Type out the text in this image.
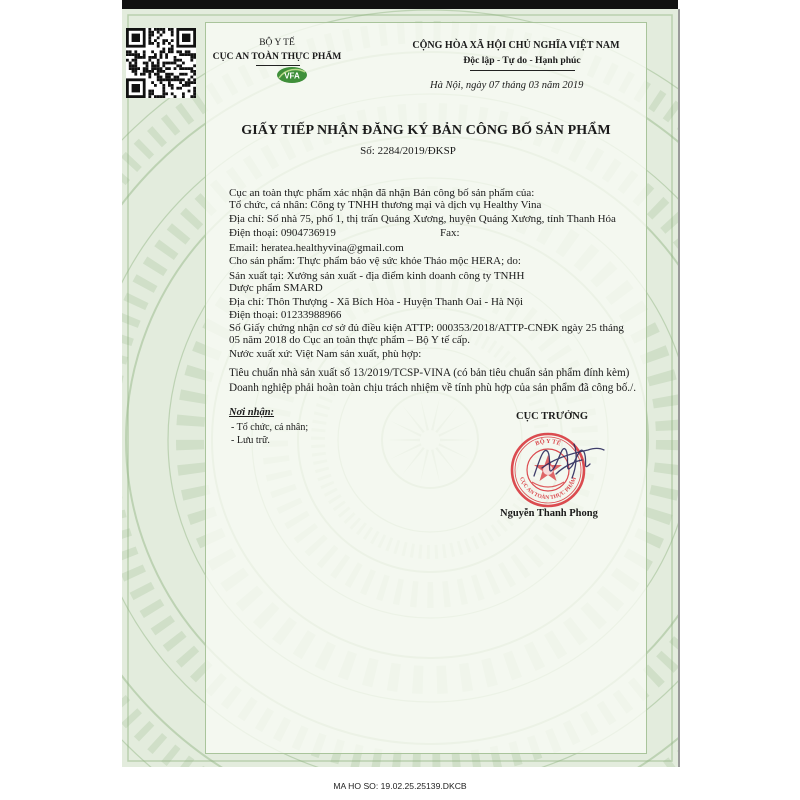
BỘ Y TẾ
CỤC AN TOÀN THỰC PHẨM
VFA
CỘNG HÒA XÃ HỘI CHỦ NGHĨA VIỆT NAM
Độc lập - Tự do - Hạnh phúc
Hà Nội, ngày 07 tháng 03 năm 2019
GIẤY TIẾP NHẬN ĐĂNG KÝ BẢN CÔNG BỐ SẢN PHẨM
Số: 2284/2019/ĐKSP
Cục an toàn thực phẩm xác nhận đã nhận Bản công bố sản phẩm của:
Tổ chức, cá nhân: Công ty TNHH thương mại và dịch vụ Healthy Vina
Địa chỉ: Số nhà 75, phố 1, thị trấn Quảng Xương, huyện Quảng Xương, tỉnh Thanh Hóa
Điện thoại: 0904736919	Fax:
Email: heratea.healthyvina@gmail.com
Cho sản phẩm: Thực phẩm bảo vệ sức khỏe Thảo mộc HERA; do:
Sản xuất tại: Xưởng sản xuất - địa điểm kinh doanh công ty TNHH
Dược phẩm SMARD
Địa chỉ: Thôn Thượng - Xã Bích Hòa - Huyện Thanh Oai - Hà Nội
Điện thoại: 01233988966
Số Giấy chứng nhận cơ sở đủ điều kiện ATTP: 000353/2018/ATTP-CNĐK ngày 25 tháng
05 năm 2018 do Cục an toàn thực phẩm – Bộ Y tế cấp.
Nước xuất xứ: Việt Nam sản xuất, phù hợp:
Tiêu chuẩn nhà sản xuất số 13/2019/TCSP-VINA (có bản tiêu chuẩn sản phẩm đính kèm)
Doanh nghiệp phải hoàn toàn chịu trách nhiệm về tính phù hợp của sản phẩm đã công bố./.
Nơi nhận:
- Tổ chức, cá nhân;
- Lưu trữ.
CỤC TRƯỞNG
BỘ Y TẾ
CỤC AN TOÀN THỰC PHẨM
Nguyễn Thanh Phong
MA HO SO: 19.02.25.25139.DKCB
